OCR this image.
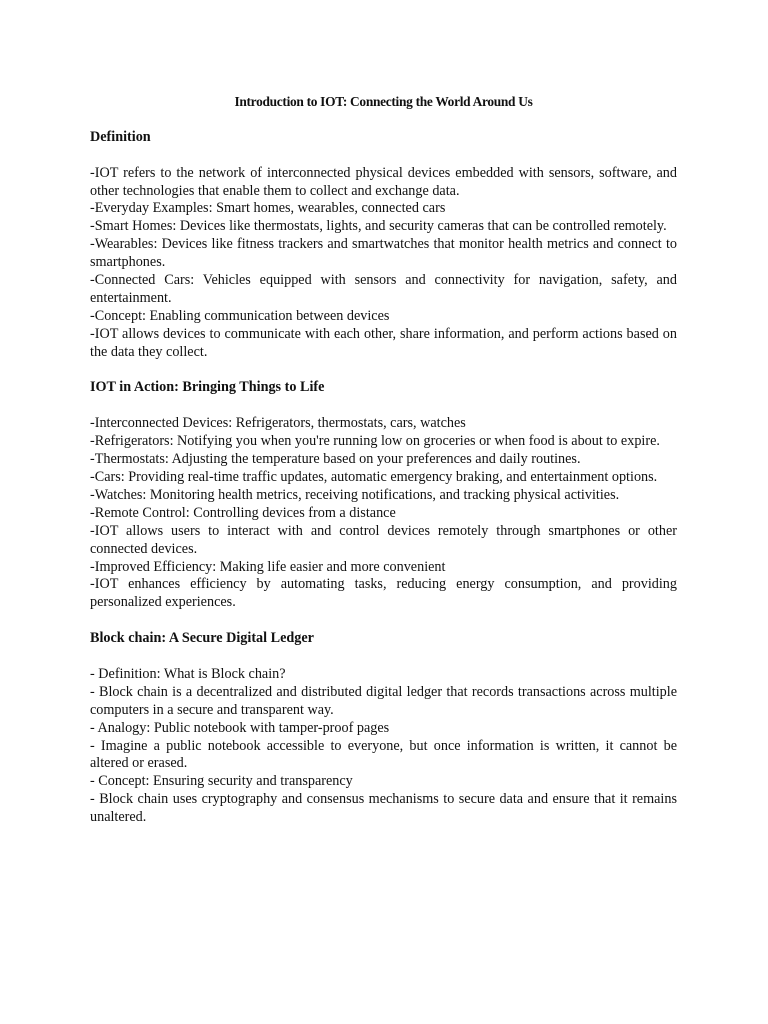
Introduction to IOT: Connecting the World Around Us
Definition

-IOT refers to the network of interconnected physical devices embedded with sensors, software, and other technologies that enable them to collect and exchange data.

-Everyday Examples: Smart homes, wearables, connected cars

-Smart Homes: Devices like thermostats, lights, and security cameras that can be controlled remotely.

-Wearables: Devices like fitness trackers and smartwatches that monitor health metrics and connect to smartphones.

-Connected Cars: Vehicles equipped with sensors and connectivity for navigation, safety, and entertainment.

-Concept: Enabling communication between devices

-IOT allows devices to communicate with each other, share information, and perform actions based on the data they collect.

IOT in Action: Bringing Things to Life

-Interconnected Devices: Refrigerators, thermostats, cars, watches

-Refrigerators: Notifying you when you're running low on groceries or when food is about to expire.

-Thermostats: Adjusting the temperature based on your preferences and daily routines.

-Cars: Providing real-time traffic updates, automatic emergency braking, and entertainment options.

-Watches: Monitoring health metrics, receiving notifications, and tracking physical activities.

-Remote Control: Controlling devices from a distance

-IOT allows users to interact with and control devices remotely through smartphones or other connected devices.

-Improved Efficiency: Making life easier and more convenient

-IOT enhances efficiency by automating tasks, reducing energy consumption, and providing personalized experiences.

Block chain: A Secure Digital Ledger

- Definition: What is Block chain?

- Block chain is a decentralized and distributed digital ledger that records transactions across multiple computers in a secure and transparent way.

- Analogy: Public notebook with tamper-proof pages

- Imagine a public notebook accessible to everyone, but once information is written, it cannot be altered or erased.

- Concept: Ensuring security and transparency

- Block chain uses cryptography and consensus mechanisms to secure data and ensure that it remains unaltered.
